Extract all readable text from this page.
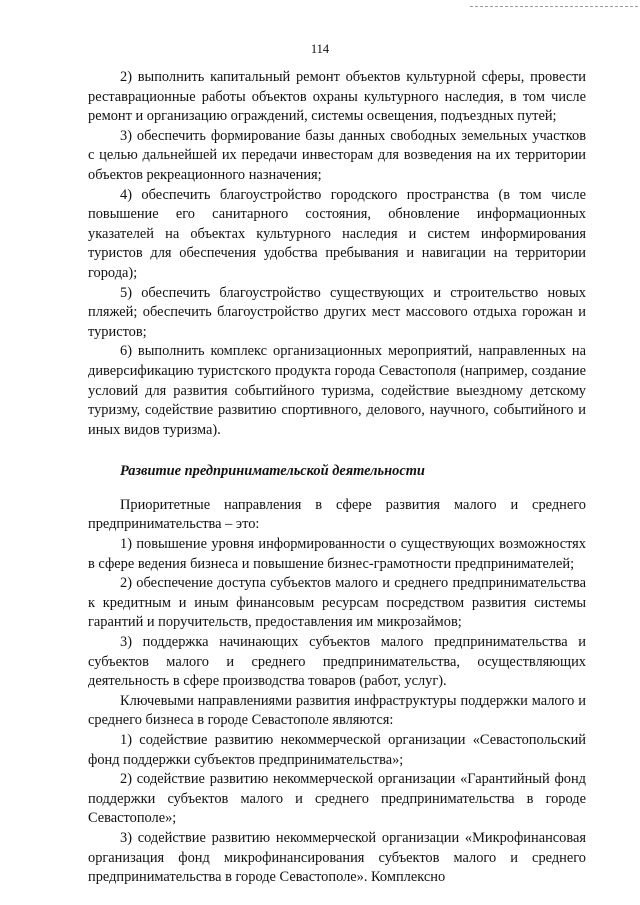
114

2) выполнить капитальный ремонт объектов культурной сферы, провести реставрационные работы объектов охраны культурного наследия, в том числе ремонт и организацию ограждений, системы освещения, подъездных путей;

3) обеспечить формирование базы данных свободных земельных участков с целью дальнейшей их передачи инвесторам для возведения на их территории объектов рекреационного назначения;

4) обеспечить благоустройство городского пространства (в том числе повышение его санитарного состояния, обновление информационных указателей на объектах культурного наследия и систем информирования туристов для обеспечения удобства пребывания и навигации на территории города);

5) обеспечить благоустройство существующих и строительство новых пляжей; обеспечить благоустройство других мест массового отдыха горожан и туристов;

6) выполнить комплекс организационных мероприятий, направленных на диверсификацию туристского продукта города Севастополя (например, создание условий для развития событийного туризма, содействие выездному детскому туризму, содействие развитию спортивного, делового, научного, событийного и иных видов туризма).

Развитие предпринимательской деятельности

Приоритетные направления в сфере развития малого и среднего предпринимательства – это:

1) повышение уровня информированности о существующих возможностях в сфере ведения бизнеса и повышение бизнес-грамотности предпринимателей;

2) обеспечение доступа субъектов малого и среднего предпринимательства к кредитным и иным финансовым ресурсам посредством развития системы гарантий и поручительств, предоставления им микрозаймов;

3) поддержка начинающих субъектов малого предпринимательства и субъектов малого и среднего предпринимательства, осуществляющих деятельность в сфере производства товаров (работ, услуг).

Ключевыми направлениями развития инфраструктуры поддержки малого и среднего бизнеса в городе Севастополе являются:

1) содействие развитию некоммерческой организации «Севастопольский фонд поддержки субъектов предпринимательства»;

2) содействие развитию некоммерческой организации «Гарантийный фонд поддержки субъектов малого и среднего предпринимательства в городе Севастополе»;

3) содействие развитию некоммерческой организации «Микрофинансовая организация фонд микрофинансирования субъектов малого и среднего предпринимательства в городе Севастополе». Комплексно
